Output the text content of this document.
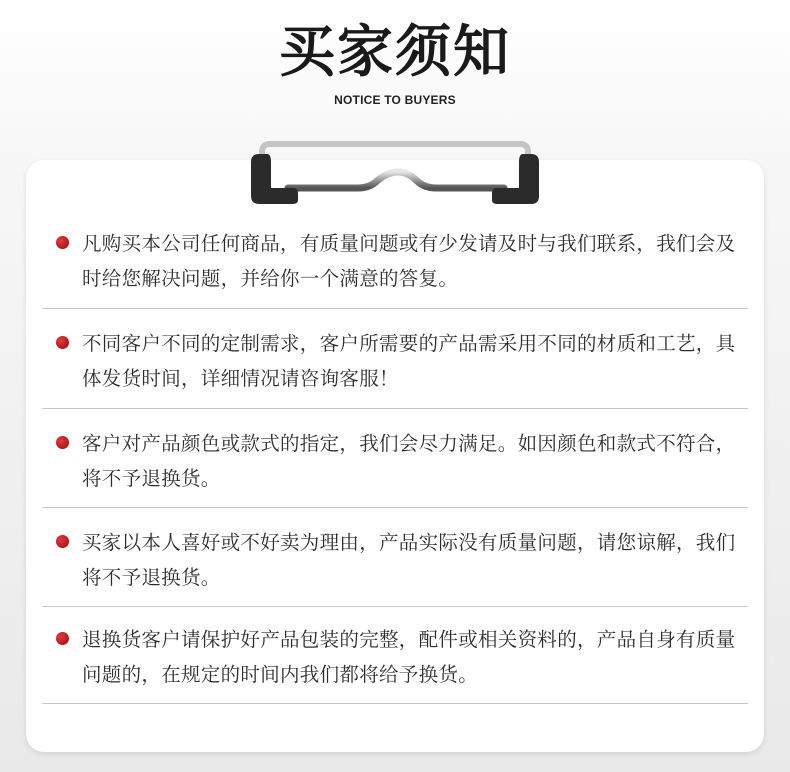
买家须知
NOTICE TO BUYERS
凡购买本公司任何商品，有质量问题或有少发请及时与我们联系，我们会及时给您解决问题，并给你一个满意的答复。
不同客户不同的定制需求，客户所需要的产品需采用不同的材质和工艺，具体发货时间，详细情况请咨询客服！
客户对产品颜色或款式的指定，我们会尽力满足。如因颜色和款式不符合，将不予退换货。
买家以本人喜好或不好卖为理由，产品实际没有质量问题，请您谅解，我们将不予退换货。
退换货客户请保护好产品包装的完整，配件或相关资料的，产品自身有质量问题的，在规定的时间内我们都将给予换货。
